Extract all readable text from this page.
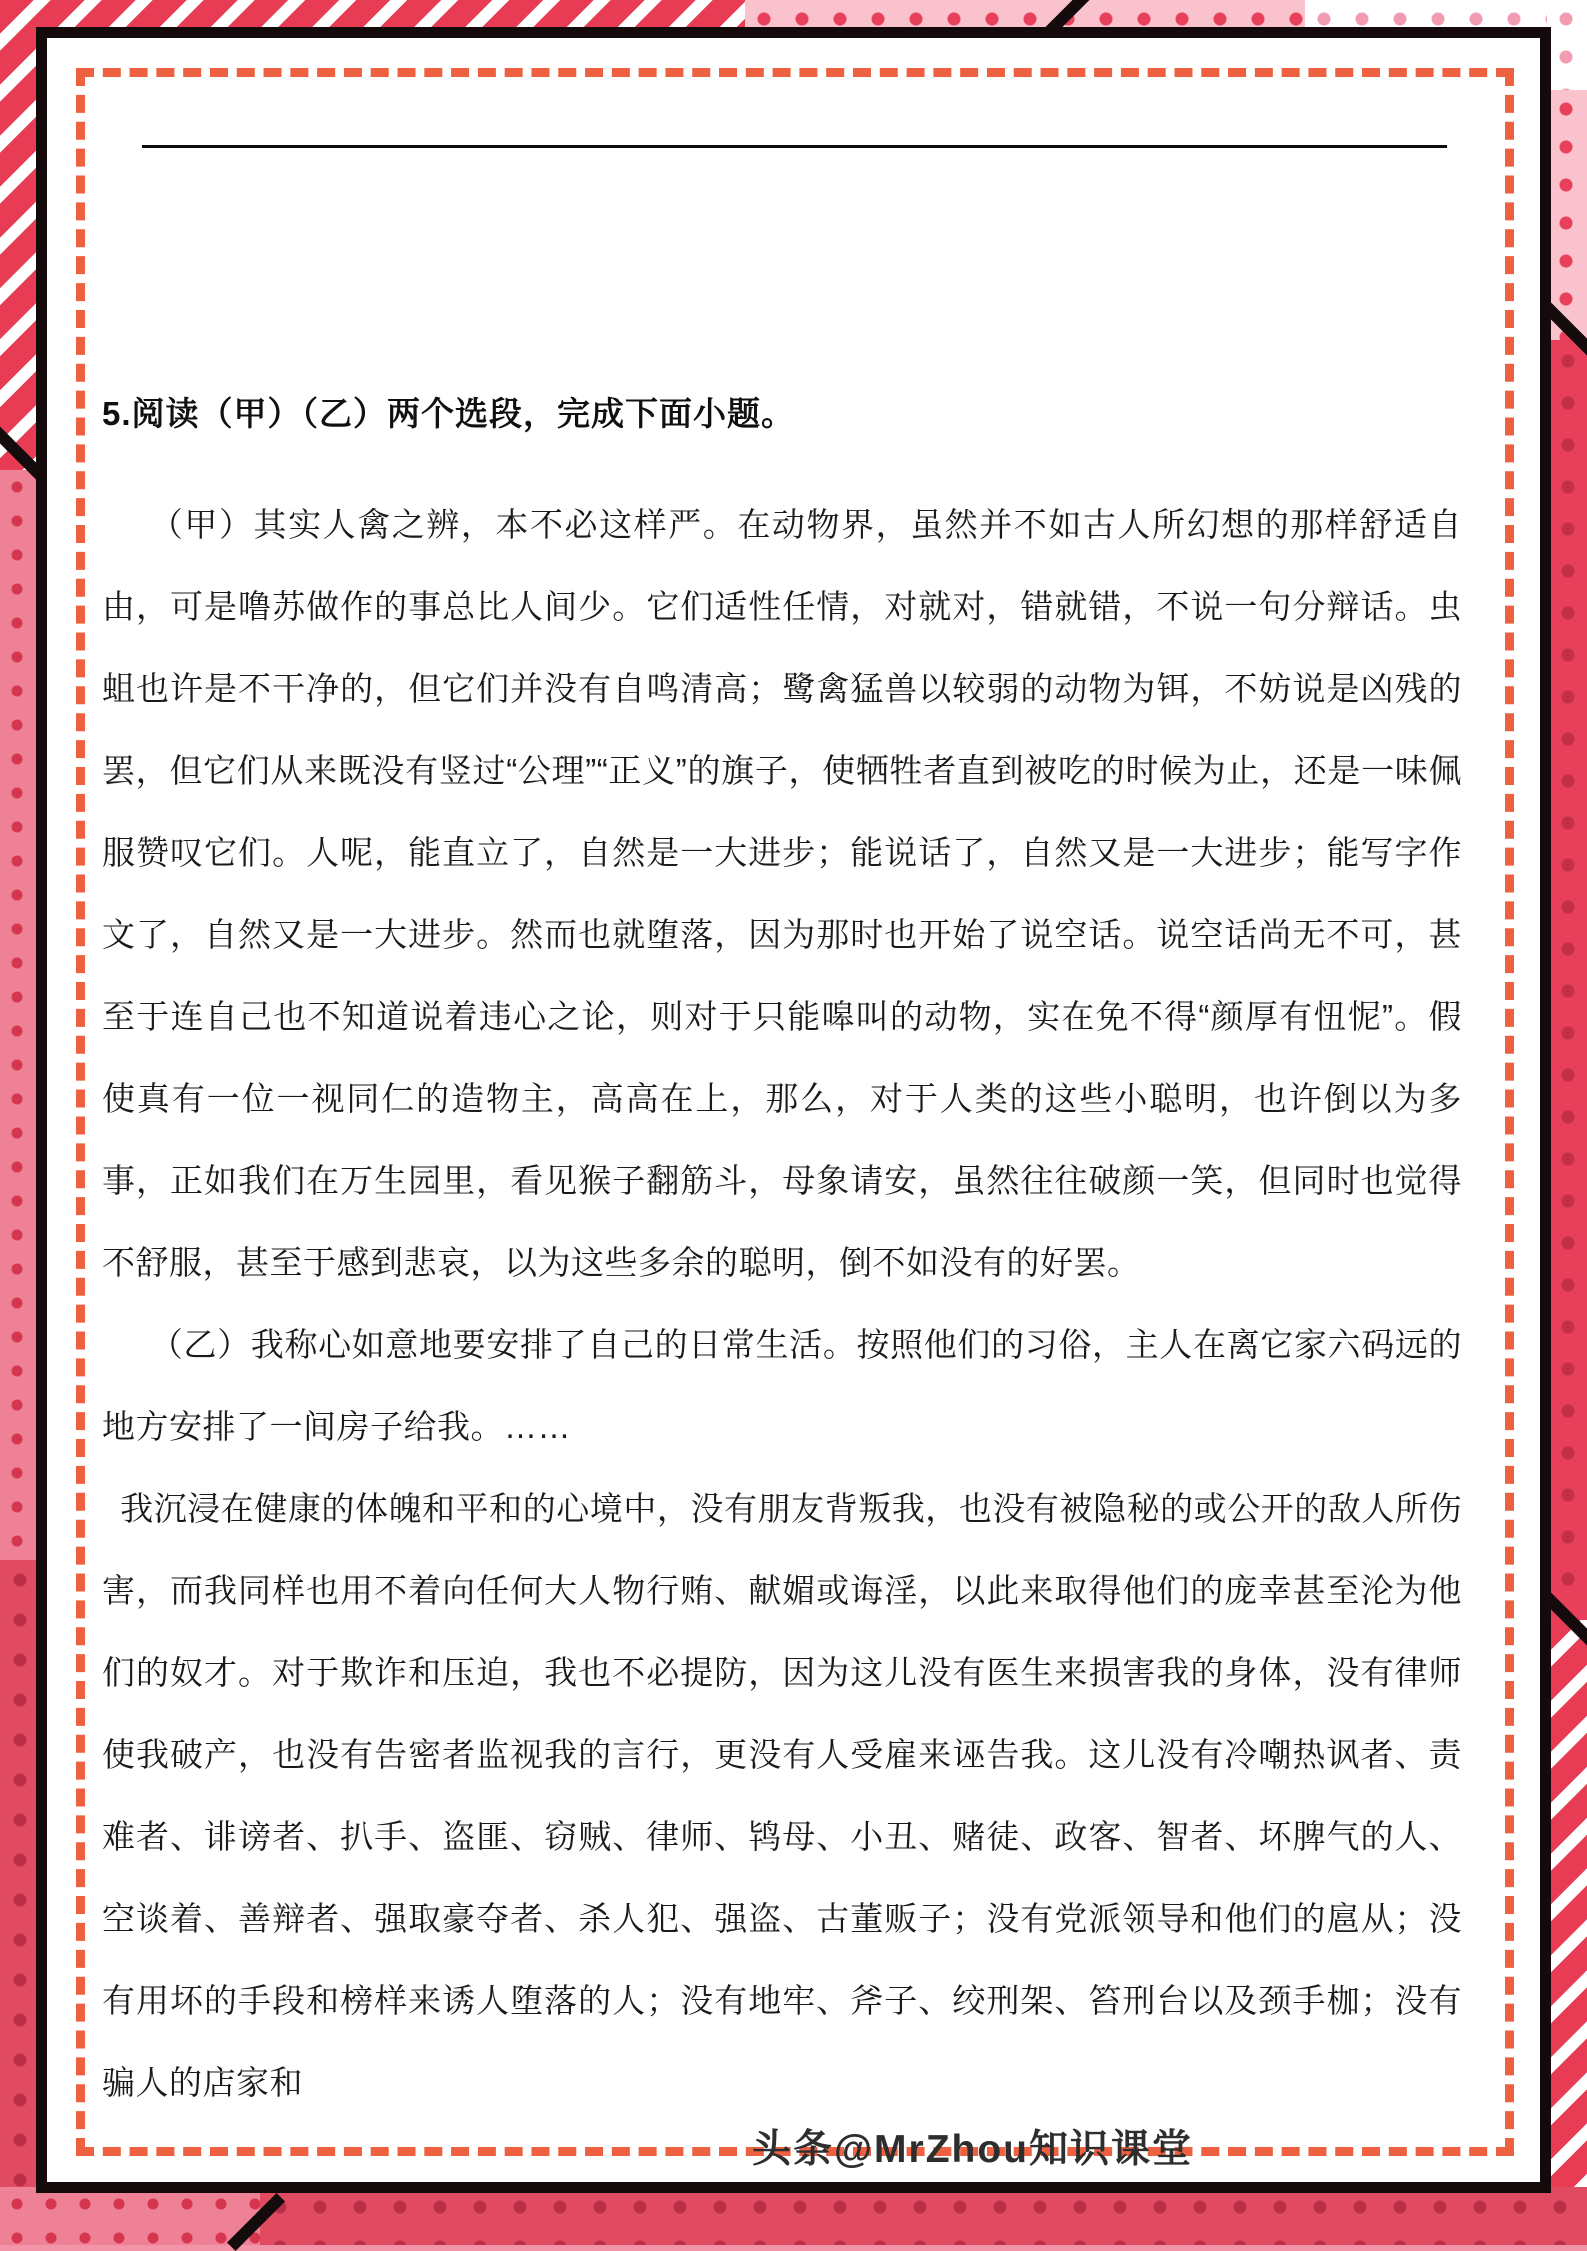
5.阅读（甲）（乙）两个选段，完成下面小题。

（甲）其实人禽之辨，本不必这样严。在动物界，虽然并不如古人所幻想的那样舒适自由，可是噜苏做作的事总比人间少。它们适性任情，对就对，错就错，不说一句分辩话。虫蛆也许是不干净的，但它们并没有自鸣清高；鹭禽猛兽以较弱的动物为铒，不妨说是凶残的罢，但它们从来既没有竖过“公理”“正义”的旗子，使牺牲者直到被吃的时候为止，还是一味佩服赞叹它们。人呢，能直立了，自然是一大进步；能说话了，自然又是一大进步；能写字作文了，自然又是一大进步。然而也就堕落，因为那时也开始了说空话。说空话尚无不可，甚至于连自己也不知道说着违心之论，则对于只能嗥叫的动物，实在免不得“颜厚有忸怩”。假使真有一位一视同仁的造物主，高高在上，那么，对于人类的这些小聪明，也许倒以为多事，正如我们在万生园里，看见猴子翻筋斗，母象请安，虽然往往破颜一笑，但同时也觉得不舒服，甚至于感到悲哀，以为这些多余的聪明，倒不如没有的好罢。

（乙）我称心如意地要安排了自己的日常生活。按照他们的习俗，主人在离它家六码远的地方安排了一间房子给我。……

我沉浸在健康的体魄和平和的心境中，没有朋友背叛我，也没有被隐秘的或公开的敌人所伤害，而我同样也用不着向任何大人物行贿、献媚或诲淫，以此来取得他们的庞幸甚至沦为他们的奴才。对于欺诈和压迫，我也不必提防，因为这儿没有医生来损害我的身体，没有律师使我破产，也没有告密者监视我的言行，更没有人受雇来诬告我。这儿没有冷嘲热讽者、责难者、诽谤者、扒手、盗匪、窃贼、律师、鸨母、小丑、赌徒、政客、智者、坏脾气的人、空谈着、善辩者、强取豪夺者、杀人犯、强盗、古董贩子；没有党派领导和他们的扈从；没有用坏的手段和榜样来诱人堕落的人；没有地牢、斧子、绞刑架、笞刑台以及颈手枷；没有骗人的店家和

头条@MrZhou知识课堂
